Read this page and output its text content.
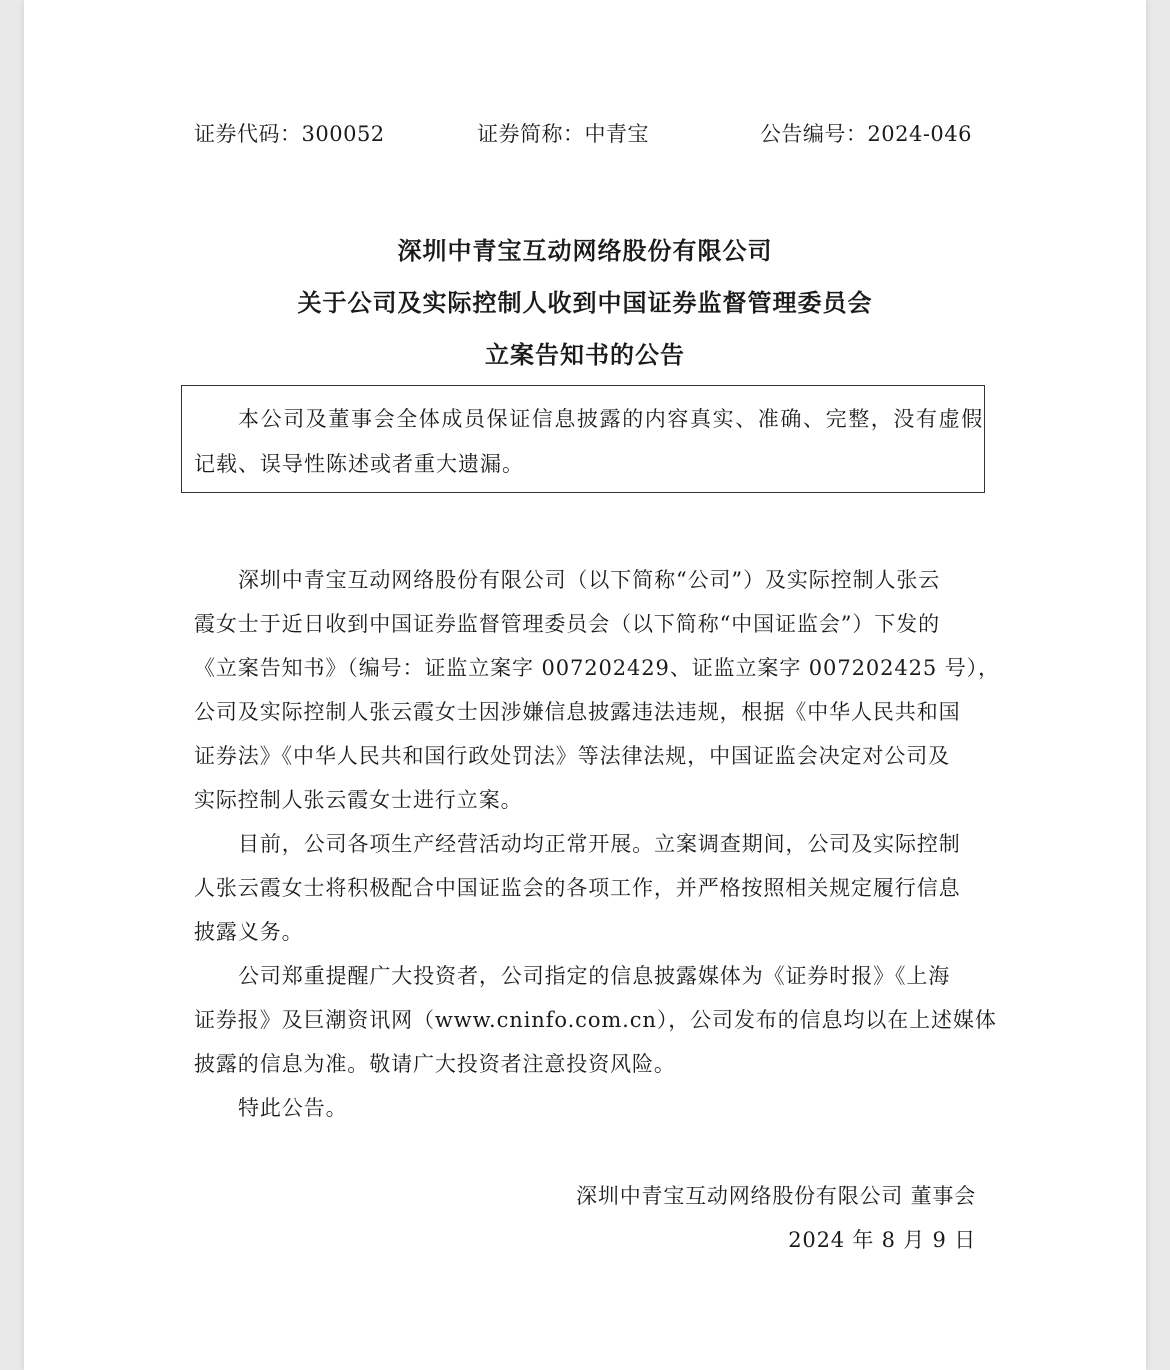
证券代码：300052	证券简称：中青宝	公告编号：2024-046
深圳中青宝互动网络股份有限公司
关于公司及实际控制人收到中国证券监督管理委员会
立案告知书的公告
本公司及董事会全体成员保证信息披露的内容真实、准确、完整，没有虚假
记载、误导性陈述或者重大遗漏。
深圳中青宝互动网络股份有限公司（以下简称“公司”）及实际控制人张云
霞女士于近日收到中国证券监督管理委员会（以下简称“中国证监会”）下发的
《立案告知书》（编号：证监立案字 007202429、证监立案字 007202425 号），
公司及实际控制人张云霞女士因涉嫌信息披露违法违规，根据《中华人民共和国
证券法》《中华人民共和国行政处罚法》等法律法规，中国证监会决定对公司及
实际控制人张云霞女士进行立案。
目前，公司各项生产经营活动均正常开展。立案调查期间，公司及实际控制
人张云霞女士将积极配合中国证监会的各项工作，并严格按照相关规定履行信息
披露义务。
公司郑重提醒广大投资者，公司指定的信息披露媒体为《证券时报》《上海
证券报》及巨潮资讯网（www.cninfo.com.cn），公司发布的信息均以在上述媒体
披露的信息为准。敬请广大投资者注意投资风险。
特此公告。
深圳中青宝互动网络股份有限公司 董事会
2024 年 8 月 9 日
